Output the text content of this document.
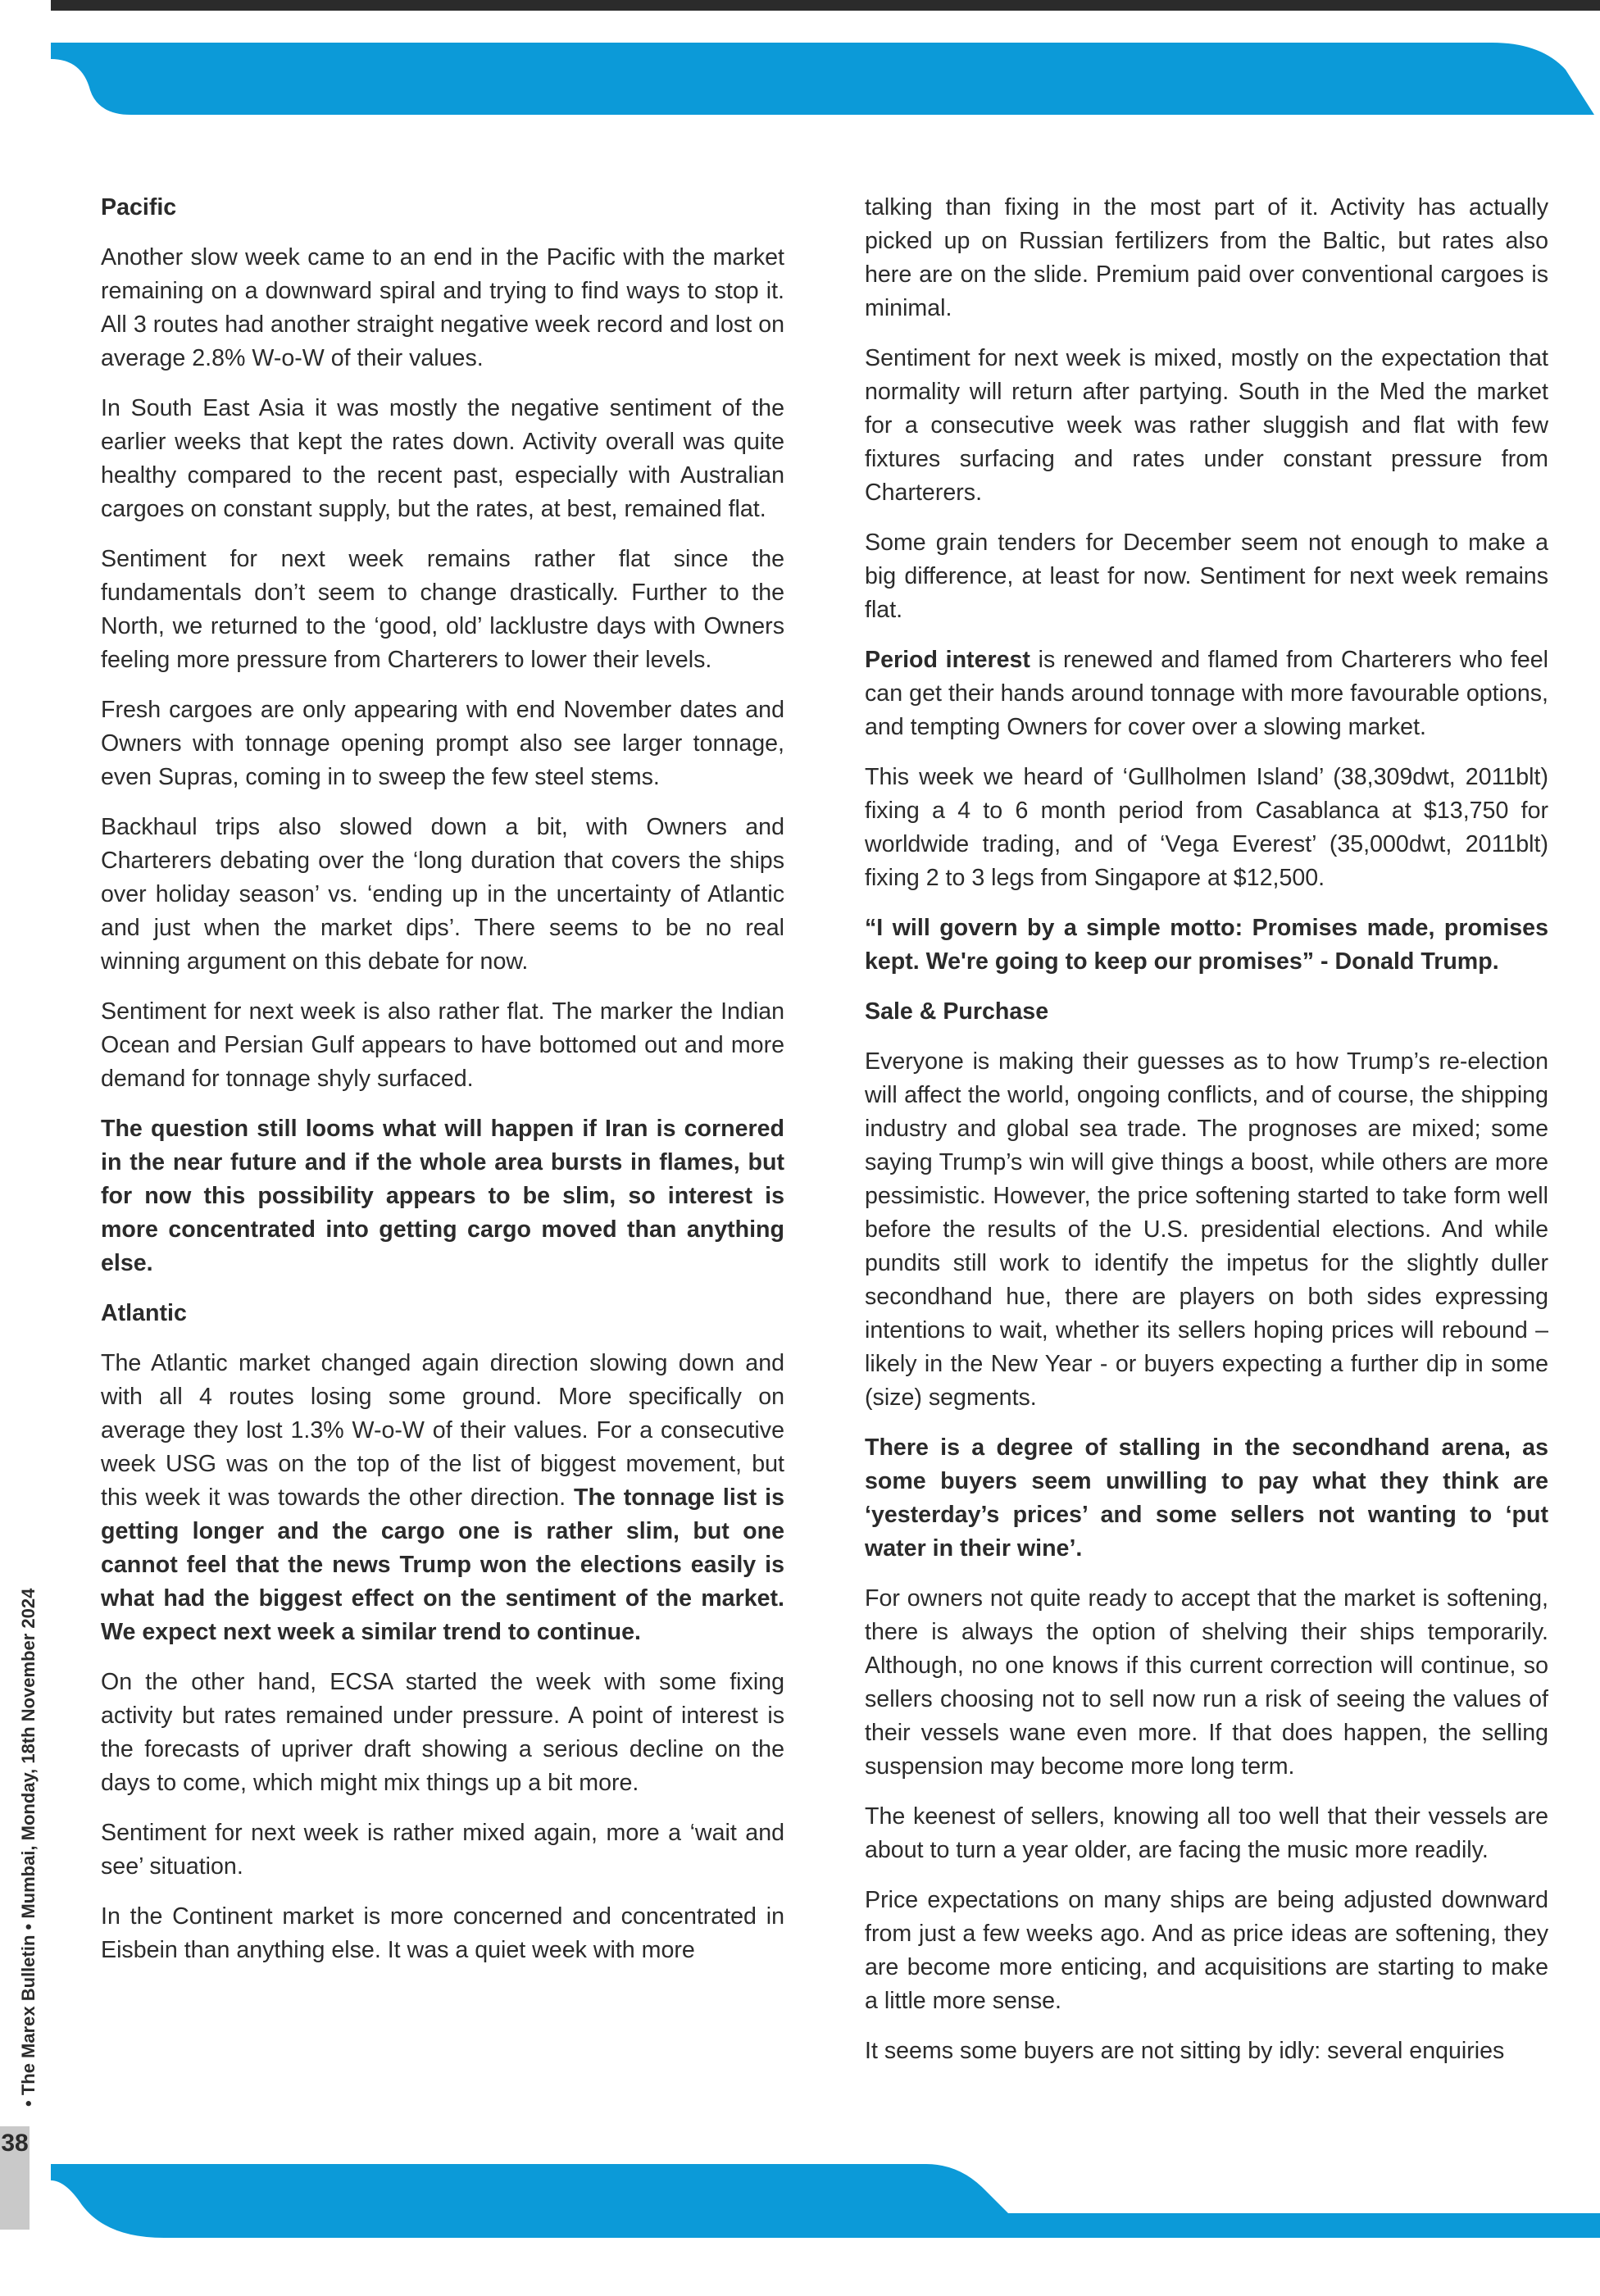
38
• The Marex Bulletin • Mumbai, Monday, 18th November 2024
Pacific

Another slow week came to an end in the Pacific with the market remaining on a downward spiral and trying to find ways to stop it. All 3 routes had another straight negative week record and lost on average 2.8% W-o-W of their values.

In South East Asia it was mostly the negative sentiment of the earlier weeks that kept the rates down. Activity overall was quite healthy compared to the recent past, especially with Australian cargoes on constant supply, but the rates, at best, remained flat.

Sentiment for next week remains rather flat since the fundamentals don’t seem to change drastically. Further to the North, we returned to the ‘good, old’ lacklustre days with Owners feeling more pressure from Charterers to lower their levels.

Fresh cargoes are only appearing with end November dates and Owners with tonnage opening prompt also see larger tonnage, even Supras, coming in to sweep the few steel stems.

Backhaul trips also slowed down a bit, with Owners and Charterers debating over the ‘long duration that covers the ships over holiday season’ vs. ‘ending up in the uncertainty of Atlantic and just when the market dips’. There seems to be no real winning argument on this debate for now.

Sentiment for next week is also rather flat. The marker the Indian Ocean and Persian Gulf appears to have bottomed out and more demand for tonnage shyly surfaced.

The question still looms what will happen if Iran is cornered in the near future and if the whole area bursts in flames, but for now this possibility appears to be slim, so interest is more concentrated into getting cargo moved than anything else.

Atlantic

The Atlantic market changed again direction slowing down and with all 4 routes losing some ground. More specifically on average they lost 1.3% W-o-W of their values. For a consecutive week USG was on the top of the list of biggest movement, but this week it was towards the other direction. The tonnage list is getting longer and the cargo one is rather slim, but one cannot feel that the news Trump won the elections easily is what had the biggest effect on the sentiment of the market. We expect next week a similar trend to continue.

On the other hand, ECSA started the week with some fixing activity but rates remained under pressure. A point of interest is the forecasts of upriver draft showing a serious decline on the days to come, which might mix things up a bit more.

Sentiment for next week is rather mixed again, more a ‘wait and see’ situation.

In the Continent market is more concerned and concentrated in Eisbein than anything else. It was a quiet week with more

talking than fixing in the most part of it. Activity has actually picked up on Russian fertilizers from the Baltic, but rates also here are on the slide. Premium paid over conventional cargoes is minimal.

Sentiment for next week is mixed, mostly on the expectation that normality will return after partying. South in the Med the market for a consecutive week was rather sluggish and flat with few fixtures surfacing and rates under constant pressure from Charterers.

Some grain tenders for December seem not enough to make a big difference, at least for now. Sentiment for next week remains flat.

Period interest is renewed and flamed from Charterers who feel can get their hands around tonnage with more favourable options, and tempting Owners for cover over a slowing market.

This week we heard of ‘Gullholmen Island’ (38,309dwt, 2011blt) fixing a 4 to 6 month period from Casablanca at $13,750 for worldwide trading, and of ‘Vega Everest’ (35,000dwt, 2011blt) fixing 2 to 3 legs from Singapore at $12,500.

“I will govern by a simple motto: Promises made, promises kept. We're going to keep our promises” - Donald Trump.

Sale & Purchase

Everyone is making their guesses as to how Trump’s re-election will affect the world, ongoing conflicts, and of course, the shipping industry and global sea trade. The prognoses are mixed; some saying Trump’s win will give things a boost, while others are more pessimistic. However, the price softening started to take form well before the results of the U.S. presidential elections. And while pundits still work to identify the impetus for the slightly duller secondhand hue, there are players on both sides expressing intentions to wait, whether its sellers hoping prices will rebound – likely in the New Year - or buyers expecting a further dip in some (size) segments.

There is a degree of stalling in the secondhand arena, as some buyers seem unwilling to pay what they think are ‘yesterday’s prices’ and some sellers not wanting to ‘put water in their wine’.

For owners not quite ready to accept that the market is softening, there is always the option of shelving their ships temporarily. Although, no one knows if this current correction will continue, so sellers choosing not to sell now run a risk of seeing the values of their vessels wane even more. If that does happen, the selling suspension may become more long term.

The keenest of sellers, knowing all too well that their vessels are about to turn a year older, are facing the music more readily.

Price expectations on many ships are being adjusted downward from just a few weeks ago. And as price ideas are softening, they are become more enticing, and acquisitions are starting to make a little more sense.

It seems some buyers are not sitting by idly: several enquiries
